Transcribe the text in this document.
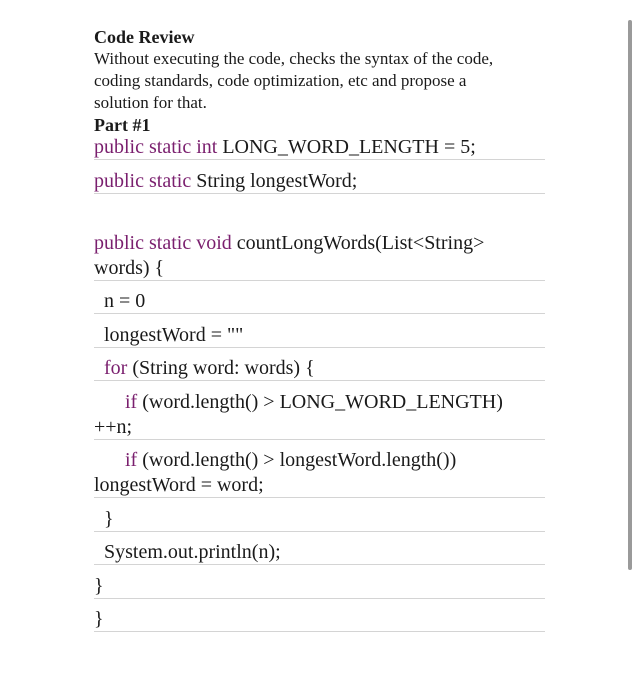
Code Review
Without executing the code, checks the syntax of the code,
coding standards, code optimization, etc and propose a
solution for that.
Part #1
public static int LONG_WORD_LENGTH = 5;
public static String longestWord;
public static void countLongWords(List<String>
words) {
n = 0
longestWord = ""
for (String word: words) {
if (word.length() > LONG_WORD_LENGTH)
++n;
if (word.length() > longestWord.length())
longestWord = word;
}
System.out.println(n);
}
}
